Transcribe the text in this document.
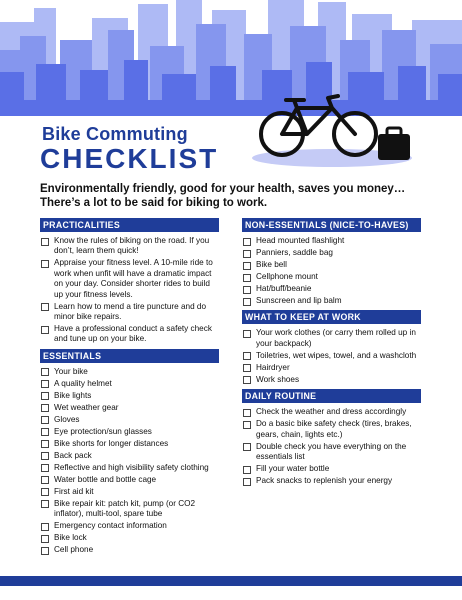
Bike Commuting
CHECKLIST
Environmentally friendly, good for your health, saves you money… There’s a lot to be said for biking to work.
PRACTICALITIES
Know the rules of biking on the road. If you don’t, learn them quick!
Appraise your fitness level. A 10-mile ride to work when unfit will have a dramatic impact on your day. Consider shorter rides to build up your fitness levels.
Learn how to mend a tire puncture and do minor bike repairs.
Have a professional conduct a safety check and tune up on your bike.
ESSENTIALS
Your bike
A quality helmet
Bike lights
Wet weather gear
Gloves
Eye protection/sun glasses
Bike shorts for longer distances
Back pack
Reflective and high visibility safety clothing
Water bottle and bottle cage
First aid kit
Bike repair kit: patch kit, pump (or CO2 inflator), multi-tool, spare tube
Emergency contact information
Bike lock
Cell phone
NON-ESSENTIALS (NICE-TO-HAVES)
Head mounted flashlight
Panniers, saddle bag
Bike bell
Cellphone mount
Hat/buff/beanie
Sunscreen and lip balm
WHAT TO KEEP AT WORK
Your work clothes (or carry them rolled up in your backpack)
Toiletries, wet wipes, towel, and a washcloth
Hairdryer
Work shoes
DAILY ROUTINE
Check the weather and dress accordingly
Do a basic bike safety check (tires, brakes, gears, chain, lights etc.)
Double check you have everything on the essentials list
Fill your water bottle
Pack snacks to replenish your energy
